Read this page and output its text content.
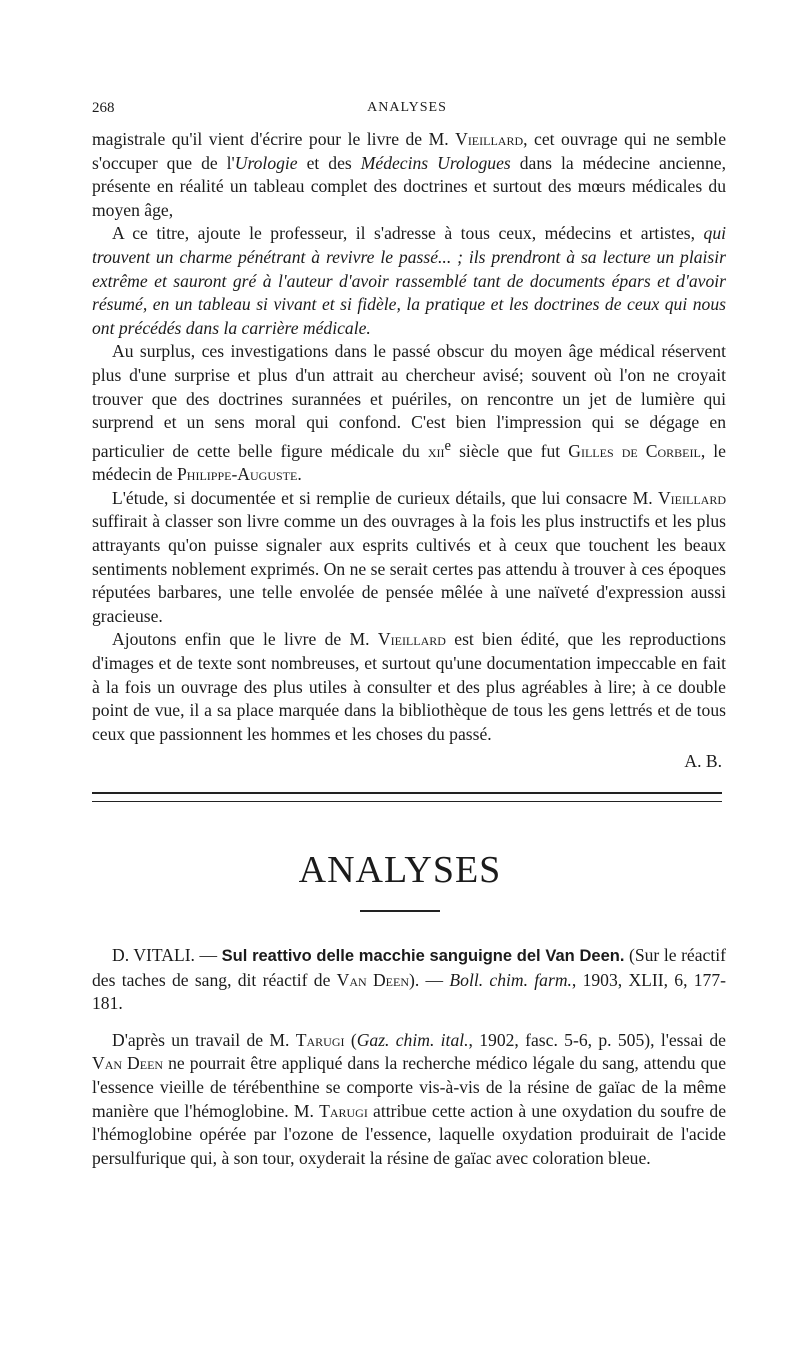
268	ANALYSES

magistrale qu'il vient d'écrire pour le livre de M. Vieillard, cet ouvrage qui ne semble s'occuper que de l'Urologie et des Médecins Urologues dans la médecine ancienne, présente en réalité un tableau complet des doctrines et surtout des mœurs médicales du moyen âge,

A ce titre, ajoute le professeur, il s'adresse à tous ceux, médecins et artistes, qui trouvent un charme pénétrant à revivre le passé... ; ils prendront à sa lecture un plaisir extrême et sauront gré à l'auteur d'avoir rassemblé tant de documents épars et d'avoir résumé, en un tableau si vivant et si fidèle, la pratique et les doctrines de ceux qui nous ont précédés dans la carrière médicale.

Au surplus, ces investigations dans le passé obscur du moyen âge médical réservent plus d'une surprise et plus d'un attrait au chercheur avisé; souvent où l'on ne croyait trouver que des doctrines surannées et puériles, on rencontre un jet de lumière qui surprend et un sens moral qui confond. C'est bien l'impression qui se dégage en particulier de cette belle figure médicale du xii$^e$ siècle que fut Gilles de Corbeil, le médecin de Philippe-Auguste.

L'étude, si documentée et si remplie de curieux détails, que lui consacre M. Vieillard suffirait à classer son livre comme un des ouvrages à la fois les plus instructifs et les plus attrayants qu'on puisse signaler aux esprits cultivés et à ceux que touchent les beaux sentiments noblement exprimés. On ne se serait certes pas attendu à trouver à ces époques réputées barbares, une telle envolée de pensée mêlée à une naïveté d'expression aussi gracieuse.

Ajoutons enfin que le livre de M. Vieillard est bien édité, que les reproductions d'images et de texte sont nombreuses, et surtout qu'une documentation impeccable en fait à la fois un ouvrage des plus utiles à consulter et des plus agréables à lire; à ce double point de vue, il a sa place marquée dans la bibliothèque de tous les gens lettrés et de tous ceux que passionnent les hommes et les choses du passé.

A. B.

ANALYSES

D. VITALI. — Sul reattivo delle macchie sanguigne del Van Deen. (Sur le réactif des taches de sang, dit réactif de Van Deen). — Boll. chim. farm., 1903, XLII, 6, 177-181.

D'après un travail de M. Tarugi (Gaz. chim. ital., 1902, fasc. 5-6, p. 505), l'essai de Van Deen ne pourrait être appliqué dans la recherche médico légale du sang, attendu que l'essence vieille de térébenthine se comporte vis-à-vis de la résine de gaïac de la même manière que l'hémoglobine. M. Tarugi attribue cette action à une oxydation du soufre de l'hémoglobine opérée par l'ozone de l'essence, laquelle oxydation produirait de l'acide persulfurique qui, à son tour, oxyderait la résine de gaïac avec coloration bleue.
